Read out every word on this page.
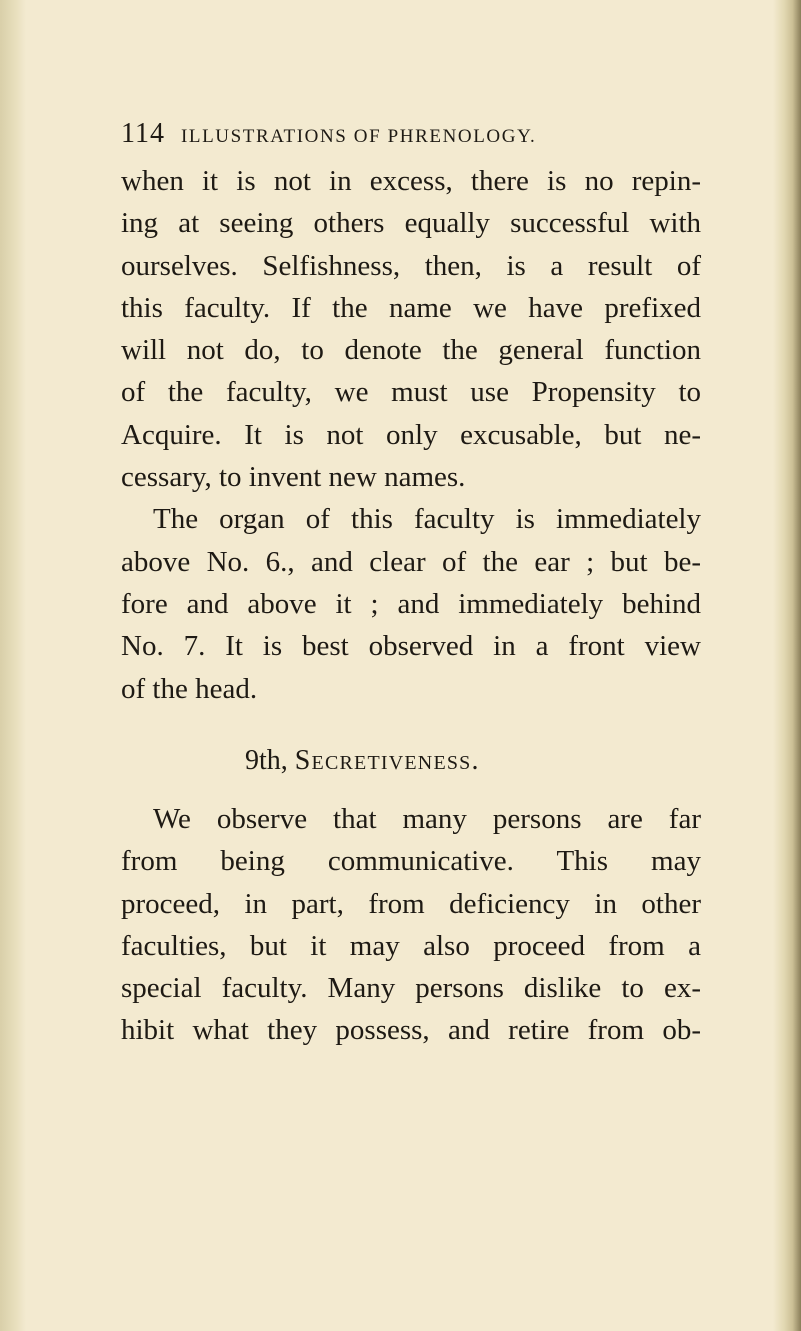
114 ILLUSTRATIONS OF PHRENOLOGY.
when it is not in excess, there is no repin-
ing at seeing others equally successful with
ourselves. Selfishness, then, is a result of
this faculty. If the name we have prefixed
will not do, to denote the general function
of the faculty, we must use Propensity to
Acquire. It is not only excusable, but ne-
cessary, to invent new names.
The organ of this faculty is immediately
above No. 6., and clear of the ear ; but be-
fore and above it ; and immediately behind
No. 7. It is best observed in a front view
of the head.
9th, Secretiveness.
We observe that many persons are far
from being communicative. This may
proceed, in part, from deficiency in other
faculties, but it may also proceed from a
special faculty. Many persons dislike to ex-
hibit what they possess, and retire from ob-
